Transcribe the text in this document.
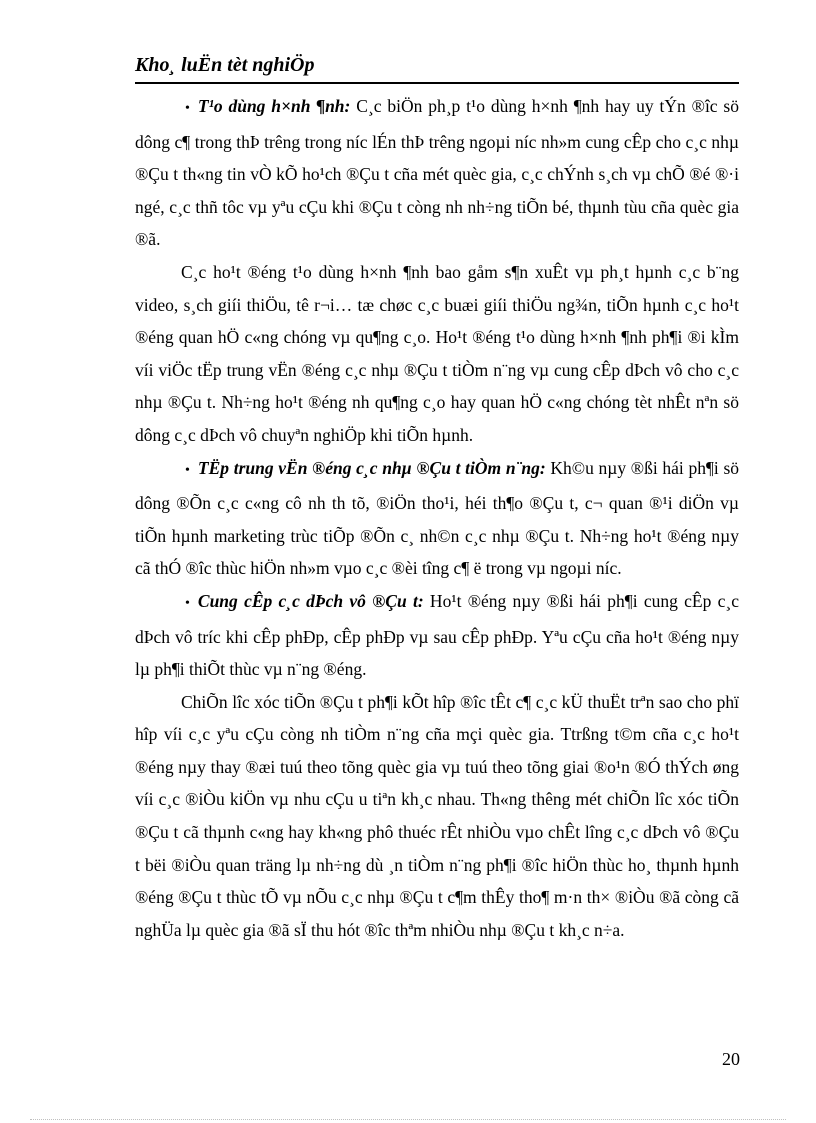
Kho¸ luËn tèt nghiÖp

• T¹o dùng h×nh ¶nh: C¸c biÖn ph¸p t¹o dùng h×nh ¶nh hay uy tÝn ®îc sö dông c¶ trong thÞ trêng trong níc lÉn thÞ trêng ngoµi níc nh»m cung cÊp cho c¸c nhµ ®Çu t th«ng tin vÒ kÕ ho¹ch ®Çu t cña mét quèc gia, c¸c chÝnh s¸ch vµ chÕ ®é ®·i ngé, c¸c thñ tôc vµ yªu cÇu khi ®Çu t còng nh nh÷ng tiÕn bé, thµnh tùu cña quèc gia ®ã.

C¸c ho¹t ®éng t¹o dùng h×nh ¶nh bao gåm s¶n xuÊt vµ ph¸t hµnh c¸c b¨ng video, s¸ch giíi thiÖu, tê r¬i… tæ chøc c¸c buæi giíi thiÖu ng¾n, tiÕn hµnh c¸c ho¹t ®éng quan hÖ c«ng chóng vµ qu¶ng c¸o. Ho¹t ®éng t¹o dùng h×nh ¶nh ph¶i ®i kÌm víi viÖc tËp trung vËn ®éng c¸c nhµ ®Çu t tiÒm n¨ng vµ cung cÊp dÞch vô cho c¸c nhµ ®Çu t. Nh÷ng ho¹t ®éng nh qu¶ng c¸o hay quan hÖ c«ng chóng tèt nhÊt nªn sö dông c¸c dÞch vô chuyªn nghiÖp khi tiÕn hµnh.

• TËp trung vËn ®éng c¸c nhµ ®Çu t tiÒm n¨ng: Kh©u nµy ®ßi hái ph¶i sö dông ®Õn c¸c c«ng cô nh th tõ, ®iÖn tho¹i, héi th¶o ®Çu t, c¬ quan ®¹i diÖn vµ tiÕn hµnh marketing trùc tiÕp ®Õn c¸ nh©n c¸c nhµ ®Çu t. Nh÷ng ho¹t ®éng nµy cã thÓ ®îc thùc hiÖn nh»m vµo c¸c ®èi tîng c¶ ë trong vµ ngoµi níc.

• Cung cÊp c¸c dÞch vô ®Çu t: Ho¹t ®éng nµy ®ßi hái ph¶i cung cÊp c¸c dÞch vô tríc khi cÊp phÐp, cÊp phÐp vµ sau cÊp phÐp. Yªu cÇu cña ho¹t ®éng nµy lµ ph¶i thiÕt thùc vµ n¨ng ®éng.

ChiÕn lîc xóc tiÕn ®Çu t ph¶i kÕt hîp ®îc tÊt c¶ c¸c kÜ thuËt trªn sao cho phï hîp víi c¸c yªu cÇu còng nh tiÒm n¨ng cña mçi quèc gia. Ttrßng t©m cña c¸c ho¹t ®éng nµy thay ®æi tuú theo tõng quèc gia vµ tuú theo tõng giai ®o¹n ®Ó thÝch øng víi c¸c ®iÒu kiÖn vµ nhu cÇu u tiªn kh¸c nhau. Th«ng thêng mét chiÕn lîc xóc tiÕn ®Çu t cã thµnh c«ng hay kh«ng phô thuéc rÊt nhiÒu vµo chÊt lîng c¸c dÞch vô ®Çu t bëi ®iÒu quan träng lµ nh÷ng dù ¸n tiÒm n¨ng ph¶i ®îc hiÖn thùc ho¸ thµnh hµnh ®éng ®Çu t thùc tÕ vµ nÕu c¸c nhµ ®Çu t c¶m thÊy tho¶ m·n th× ®iÒu ®ã còng cã nghÜa lµ quèc gia ®ã sÏ thu hót ®îc thªm nhiÒu nhµ ®Çu t kh¸c n÷a.

20
